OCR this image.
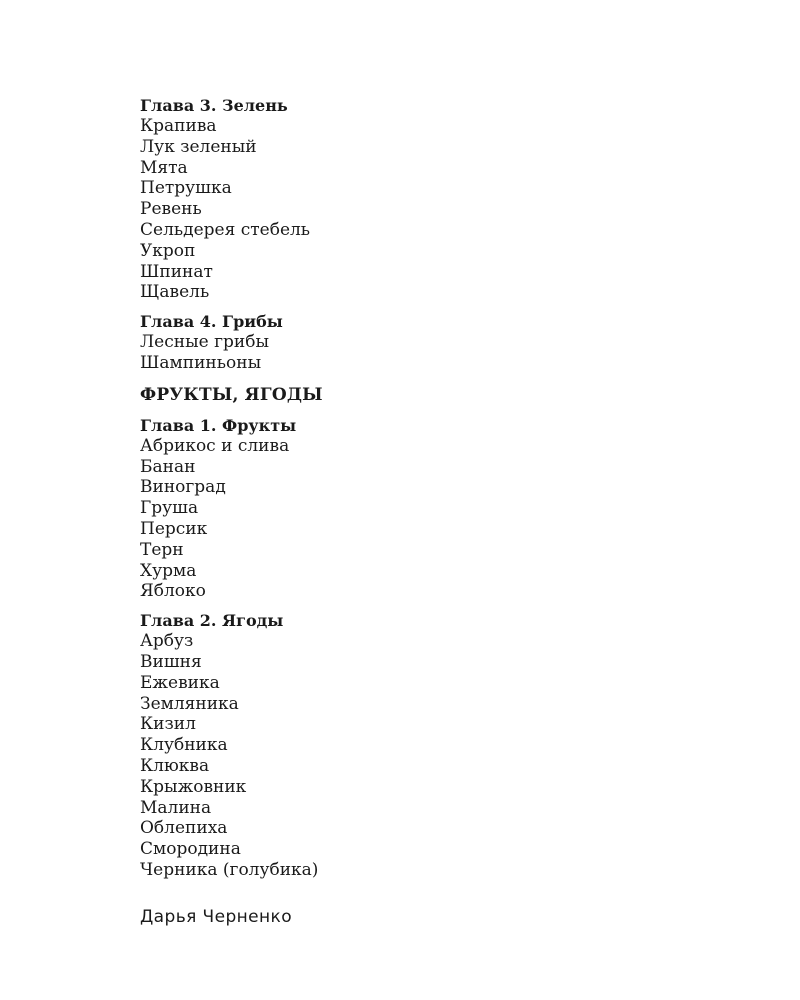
Глава 3. Зелень
Крапива
Лук зеленый
Мята
Петрушка
Ревень
Сельдерея стебель
Укроп
Шпинат
Щавель
Глава 4. Грибы
Лесные грибы
Шампиньоны
ФРУКТЫ, ЯГОДЫ
Глава 1. Фрукты
Абрикос и слива
Банан
Виноград
Груша
Персик
Терн
Хурма
Яблоко
Глава 2. Ягоды
Арбуз
Вишня
Ежевика
Земляника
Кизил
Клубника
Клюква
Крыжовник
Малина
Облепиха
Смородина
Черника (голубика)
Дарья Черненко
